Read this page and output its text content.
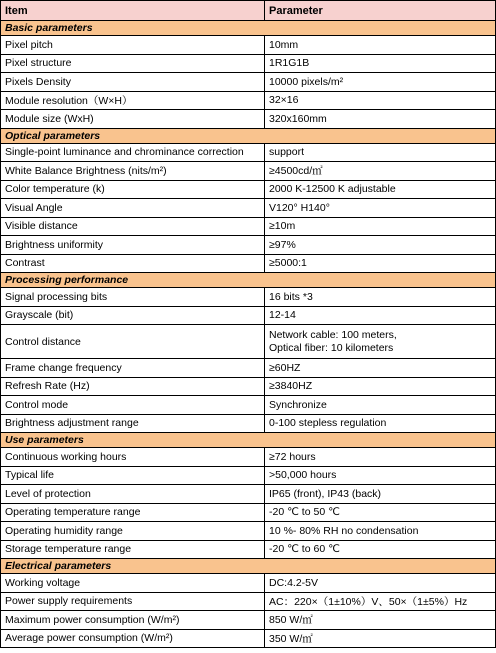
Item	Parameter
Basic parameters	
Pixel pitch	10mm
Pixel structure	1R1G1B
Pixels Density	10000 pixels/m²
Module resolution（W×H）	32×16
Module size (WxH)	320x160mm
Optical parameters	
Single-point luminance and chrominance correction	support
White Balance Brightness (nits/m²)	≥4500cd/㎡
Color temperature (k)	2000 K-12500 K adjustable
Visual Angle	V120° H140°
Visible distance	≥10m
Brightness uniformity	≥97%
Contrast	≥5000:1
Processing performance	
Signal processing bits	16 bits *3
Grayscale (bit)	12-14
Control distance	Network cable: 100 meters,
Optical fiber: 10 kilometers

Frame change frequency	≥60HZ
Refresh Rate (Hz)	≥3840HZ
Control mode	Synchronize
Brightness adjustment range	0-100 stepless regulation
Use parameters	
Continuous working hours	≥72 hours
Typical life	>50,000 hours
Level of protection	IP65 (front), IP43 (back)
Operating temperature range	-20 ℃ to 50 ℃
Operating humidity range	10 %- 80% RH no condensation
Storage temperature range	-20 ℃ to 60 ℃
Electrical parameters	
Working voltage	DC:4.2-5V
Power supply requirements	AC：220×（1±10%）V、50×（1±5%）Hz
Maximum power consumption (W/m²)	850 W/㎡
Average power consumption (W/m²)	350 W/㎡
